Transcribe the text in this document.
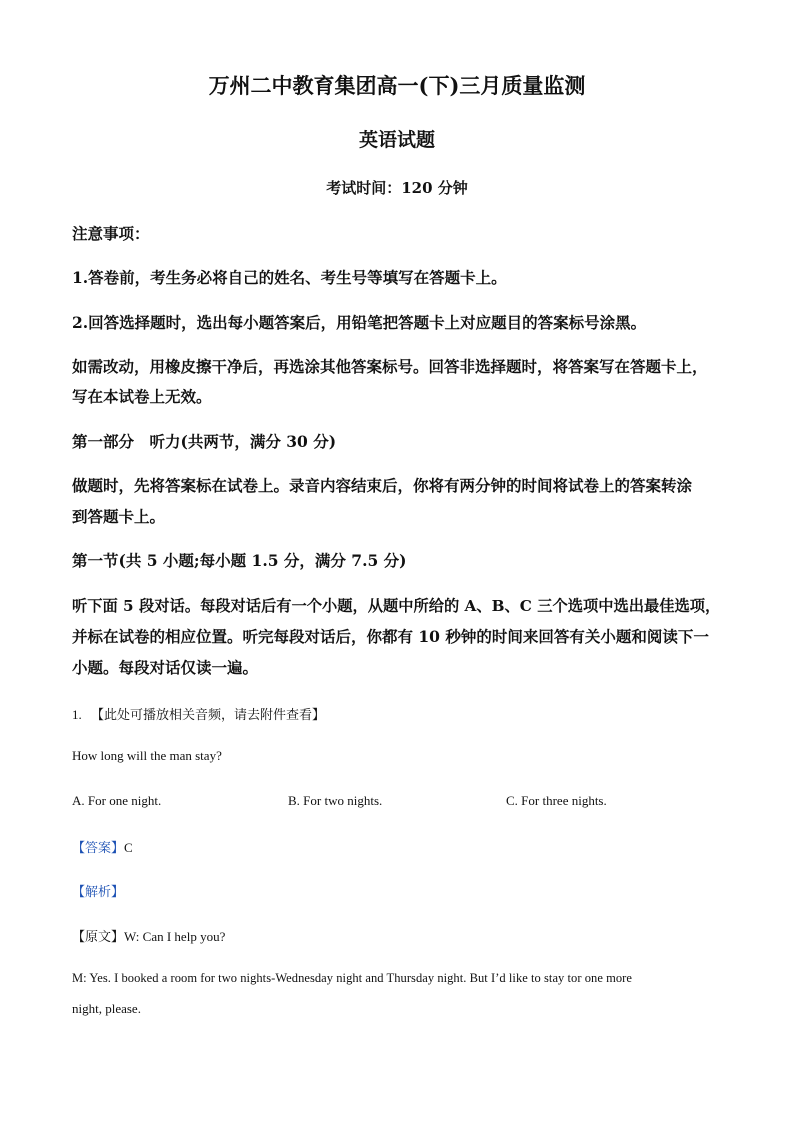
万州二中教育集团高一(下)三月质量监测
英语试题
考试时间：120 分钟
注意事项：
1.答卷前，考生务必将自己的姓名、考生号等填写在答题卡上。
2.回答选择题时，选出每小题答案后，用铅笔把答题卡上对应题目的答案标号涂黑。
如需改动，用橡皮擦干净后，再选涂其他答案标号。回答非选择题时，将答案写在答题卡上，
写在本试卷上无效。
第一部分　听力(共两节，满分 30 分)
做题时，先将答案标在试卷上。录音内容结束后，你将有两分钟的时间将试卷上的答案转涂
到答题卡上。
第一节(共 5 小题;每小题 1.5 分，满分 7.5 分)
听下面 5 段对话。每段对话后有一个小题，从题中所给的 A、B、C 三个选项中选出最佳选项，
并标在试卷的相应位置。听完每段对话后，你都有 10 秒钟的时间来回答有关小题和阅读下一
小题。每段对话仅读一遍。
1. 【此处可播放相关音频，请去附件查看】
How long will the man stay?
A. For one night.	B. For two nights.	C. For three nights.
【答案】C
【解析】
【原文】W: Can I help you?
M: Yes. I booked a room for two nights-Wednesday night and Thursday night. But I’d like to stay tor one more
night, please.
